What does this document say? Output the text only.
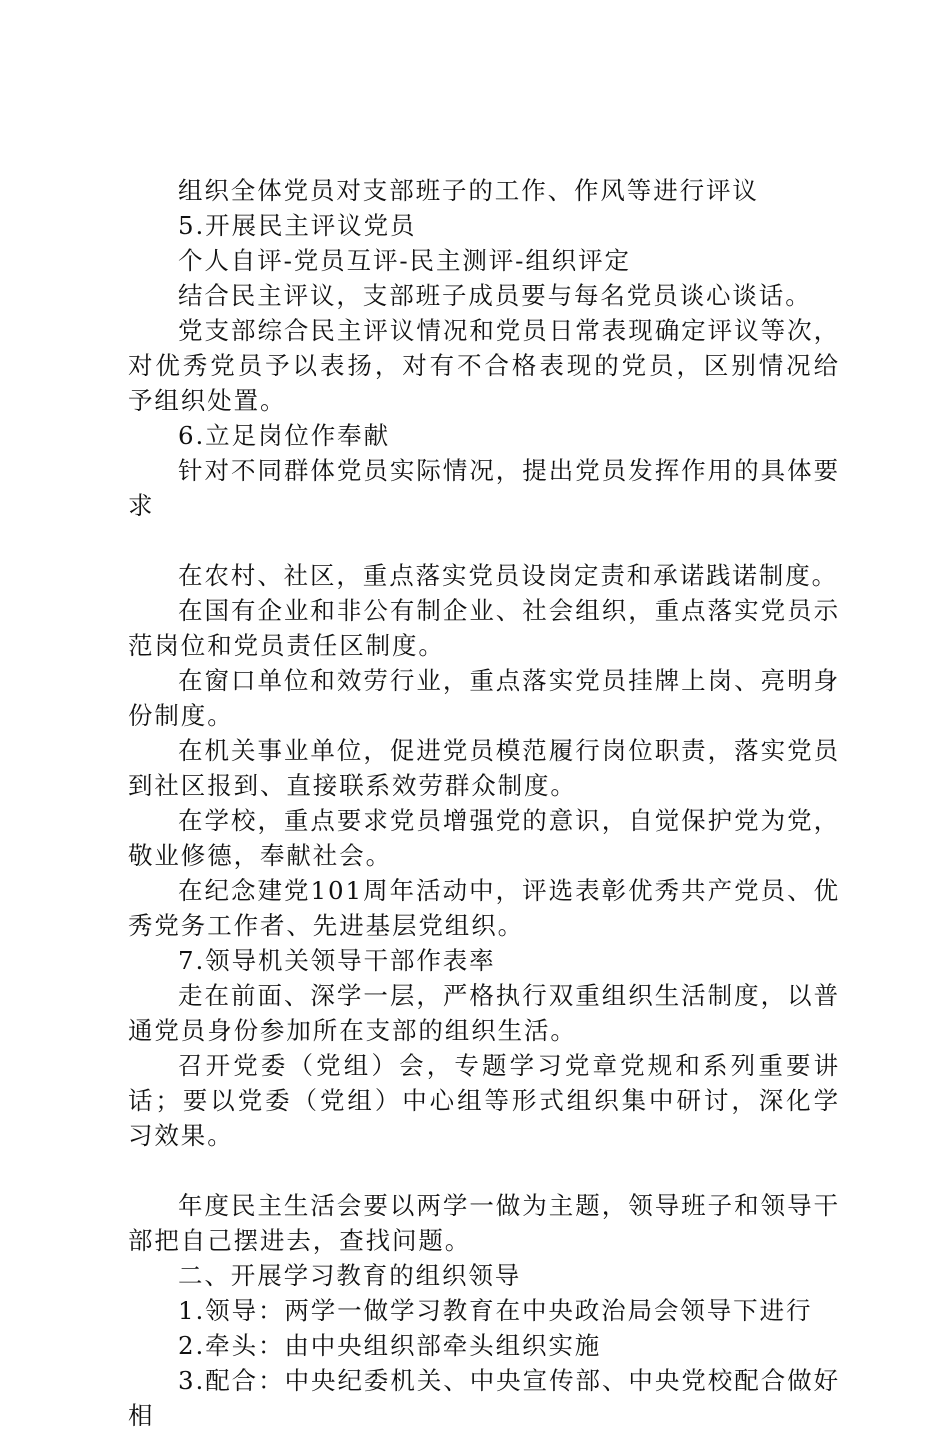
组织全体党员对支部班子的工作、作风等进行评议

5.开展民主评议党员

个人自评-党员互评-民主测评-组织评定

结合民主评议，支部班子成员要与每名党员谈心谈话。

党支部综合民主评议情况和党员日常表现确定评议等次，对优秀党员予以表扬，对有不合格表现的党员，区别情况给予组织处置。

6.立足岗位作奉献

针对不同群体党员实际情况，提出党员发挥作用的具体要求

在农村、社区，重点落实党员设岗定责和承诺践诺制度。

在国有企业和非公有制企业、社会组织，重点落实党员示范岗位和党员责任区制度。

在窗口单位和效劳行业，重点落实党员挂牌上岗、亮明身份制度。

在机关事业单位，促进党员模范履行岗位职责，落实党员到社区报到、直接联系效劳群众制度。

在学校，重点要求党员增强党的意识，自觉保护党为党，敬业修德，奉献社会。

在纪念建党101周年活动中，评选表彰优秀共产党员、优秀党务工作者、先进基层党组织。

7.领导机关领导干部作表率

走在前面、深学一层，严格执行双重组织生活制度，以普通党员身份参加所在支部的组织生活。

召开党委（党组）会，专题学习党章党规和系列重要讲话；要以党委（党组）中心组等形式组织集中研讨，深化学习效果。

年度民主生活会要以两学一做为主题，领导班子和领导干部把自己摆进去，查找问题。

二、开展学习教育的组织领导

1.领导：两学一做学习教育在中央政治局会领导下进行

2.牵头：由中央组织部牵头组织实施

3.配合：中央纪委机关、中央宣传部、中央党校配合做好相
